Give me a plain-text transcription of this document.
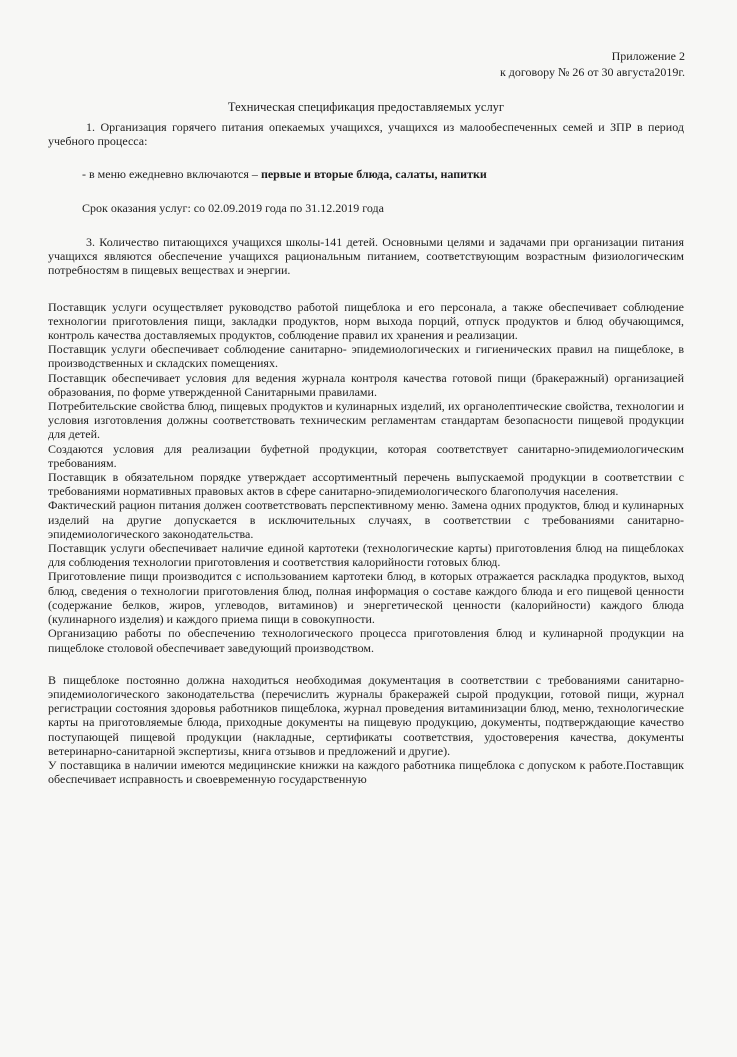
Приложение 2
к договору № 26 от 30 августа2019г.
Техническая спецификация предоставляемых услуг

1. Организация горячего питания опекаемых учащихся, учащихся из малообеспеченных семей и ЗПР в период учебного процесса:

- в меню ежедневно включаются – первые и вторые блюда, салаты, напитки

Срок оказания услуг: со 02.09.2019 года по 31.12.2019 года

3. Количество питающихся учащихся школы-141 детей. Основными целями и задачами при организации питания учащихся являются обеспечение учащихся рациональным питанием, соответствующим возрастным физиологическим потребностям в пищевых веществах и энергии.

Поставщик услуги осуществляет руководство работой пищеблока и его персонала, а также обеспечивает соблюдение технологии приготовления пищи, закладки продуктов, норм выхода порций, отпуск продуктов и блюд обучающимся, контроль качества доставляемых продуктов, соблюдение правил их хранения и реализации.

Поставщик услуги обеспечивает соблюдение санитарно- эпидемиологических и гигиенических правил на пищеблоке, в производственных и складских помещениях.

Поставщик обеспечивает условия для ведения журнала контроля качества готовой пищи (бракеражный) организацией образования, по форме утвержденной Санитарными правилами.

Потребительские свойства блюд, пищевых продуктов и кулинарных изделий, их органолептические свойства, технологии и условия изготовления должны соответствовать техническим регламентам стандартам безопасности пищевой продукции для детей.

Создаются условия для реализации буфетной продукции, которая соответствует санитарно-эпидемиологическим требованиям.

Поставщик в обязательном порядке утверждает ассортиментный перечень выпускаемой продукции в соответствии с требованиями нормативных правовых актов в сфере санитарно-эпидемиологического благополучия населения.

Фактический рацион питания должен соответствовать перспективному меню. Замена одних продуктов, блюд и кулинарных изделий на другие допускается в исключительных случаях, в соответствии с требованиями санитарно-эпидемиологического законодательства.

Поставщик услуги обеспечивает наличие единой картотеки (технологические карты) приготовления блюд на пищеблоках для соблюдения технологии приготовления и соответствия калорийности готовых блюд.

Приготовление пищи производится с использованием картотеки блюд, в которых отражается раскладка продуктов, выход блюд, сведения о технологии приготовления блюд, полная информация о составе каждого блюда и его пищевой ценности (содержание белков, жиров, углеводов, витаминов) и энергетической ценности (калорийности) каждого блюда (кулинарного изделия) и каждого приема пищи в совокупности.

Организацию работы по обеспечению технологического процесса приготовления блюд и кулинарной продукции на пищеблоке столовой обеспечивает заведующий производством.

В пищеблоке постоянно должна находиться необходимая документация в соответствии с требованиями санитарно-эпидемиологического законодательства (перечислить журналы бракеражей сырой продукции, готовой пищи, журнал регистрации состояния здоровья работников пищеблока, журнал проведения витаминизации блюд, меню, технологические карты на приготовляемые блюда, приходные документы на пищевую продукцию, документы, подтверждающие качество поступающей пищевой продукции (накладные, сертификаты соответствия, удостоверения качества, документы ветеринарно-санитарной экспертизы, книга отзывов и предложений и другие).

У поставщика в наличии имеются медицинские книжки на каждого работника пищеблока с допуском к работе.Поставщик обеспечивает исправность и своевременную государственную
